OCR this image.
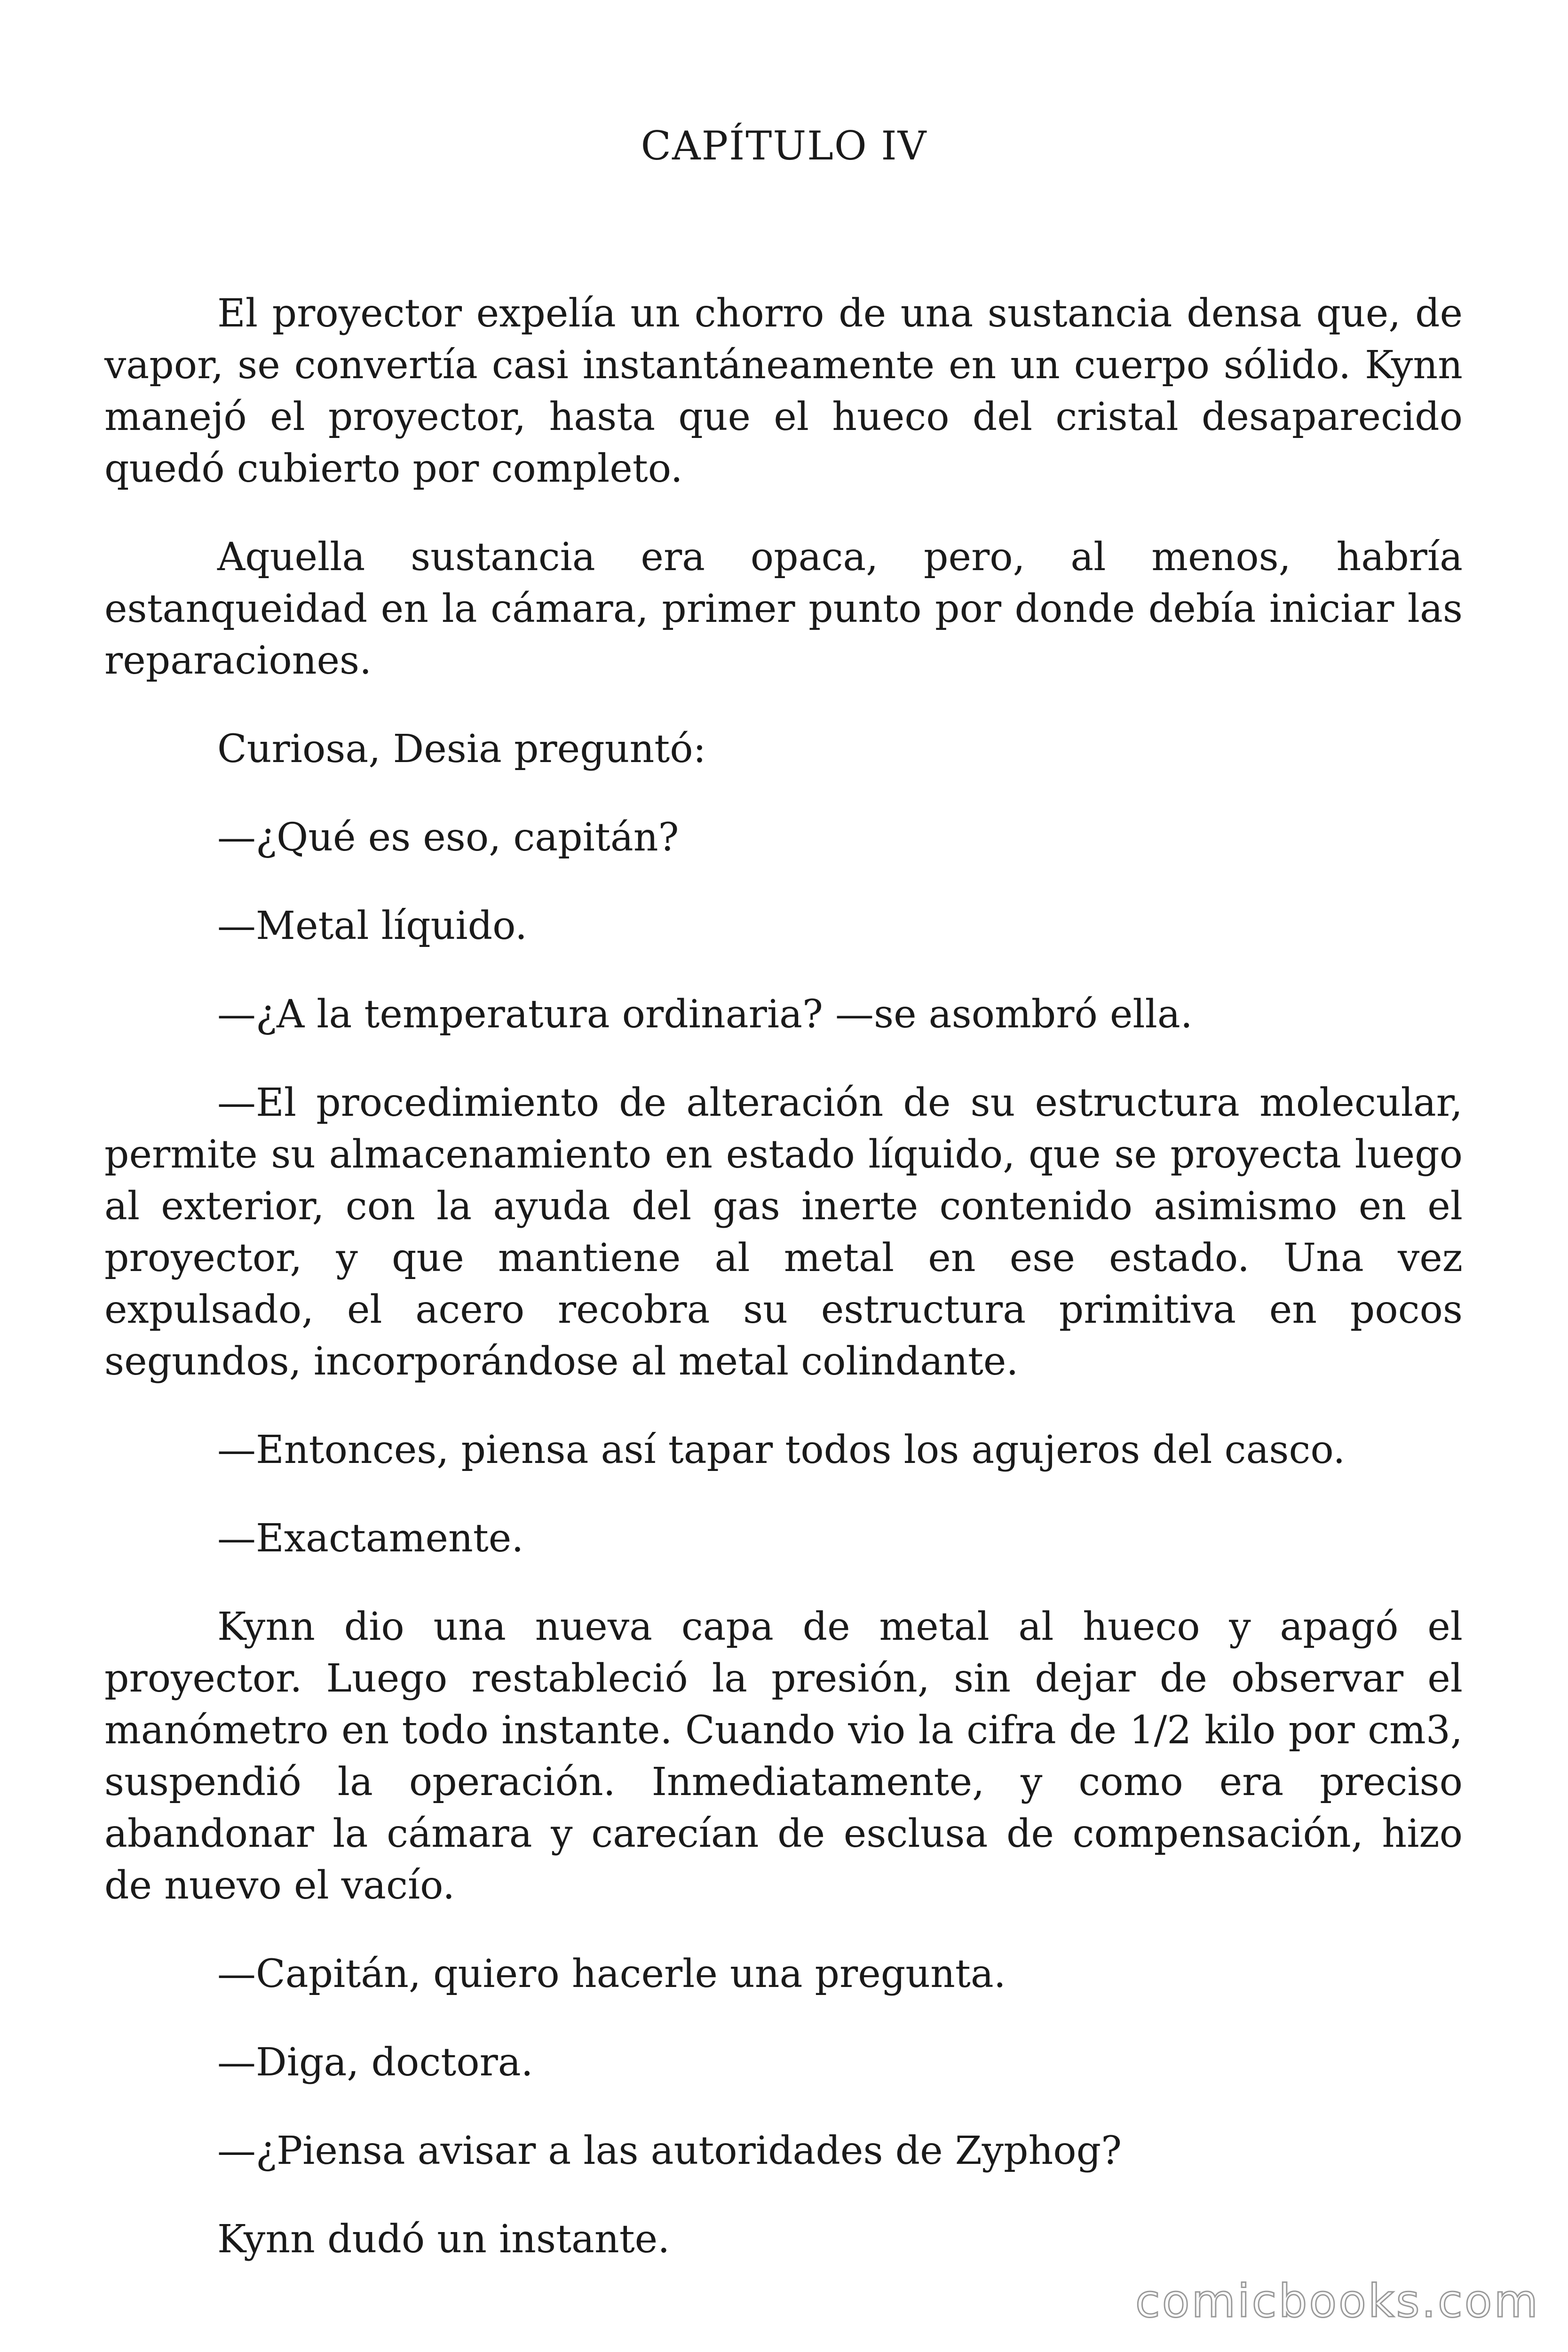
CAPÍTULO IV

El proyector expelía un chorro de una sustancia densa que, de vapor, se convertía casi instantáneamente en un cuerpo sólido. Kynn manejó el proyector, hasta que el hueco del cristal desaparecido quedó cubierto por completo.

Aquella sustancia era opaca, pero, al menos, habría estanqueidad en la cámara, primer punto por donde debía iniciar las reparaciones.

Curiosa, Desia preguntó:

—¿Qué es eso, capitán?

—Metal líquido.

—¿A la temperatura ordinaria? —se asombró ella.

—El procedimiento de alteración de su estructura molecular, permite su almacenamiento en estado líquido, que se proyecta luego al exterior, con la ayuda del gas inerte contenido asimismo en el proyector, y que mantiene al metal en ese estado. Una vez expulsado, el acero recobra su estructura primitiva en pocos segundos, incorporándose al metal colindante.

—Entonces, piensa así tapar todos los agujeros del casco.

—Exactamente.

Kynn dio una nueva capa de metal al hueco y apagó el proyector. Luego restableció la presión, sin dejar de observar el manómetro en todo instante. Cuando vio la cifra de 1/2 kilo por cm3, suspendió la operación. Inmediatamente, y como era preciso abandonar la cámara y carecían de esclusa de compensación, hizo de nuevo el vacío.

—Capitán, quiero hacerle una pregunta.

—Diga, doctora.

—¿Piensa avisar a las autoridades de Zyphog?

Kynn dudó un instante.

comicbooks.com
